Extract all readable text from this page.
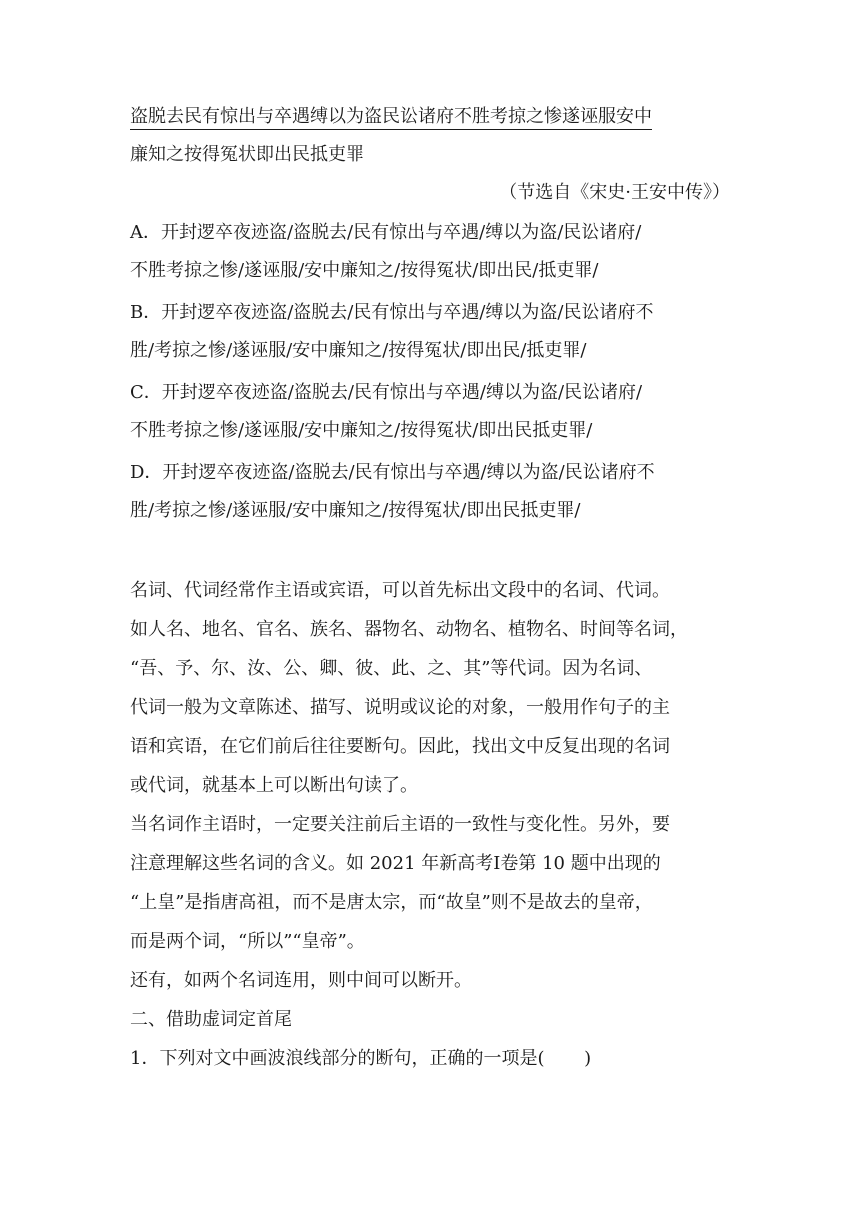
盗脱去民有惊出与卒遇缚以为盗民讼诸府不胜考掠之惨遂诬服安中
廉知之按得冤状即出民抵吏罪
（节选自《宋史·王安中传》）
A．开封逻卒夜迹盗/盗脱去/民有惊出与卒遇/缚以为盗/民讼诸府/
不胜考掠之惨/遂诬服/安中廉知之/按得冤状/即出民/抵吏罪/
B．开封逻卒夜迹盗/盗脱去/民有惊出与卒遇/缚以为盗/民讼诸府不
胜/考掠之惨/遂诬服/安中廉知之/按得冤状/即出民/抵吏罪/
C．开封逻卒夜迹盗/盗脱去/民有惊出与卒遇/缚以为盗/民讼诸府/
不胜考掠之惨/遂诬服/安中廉知之/按得冤状/即出民抵吏罪/
D．开封逻卒夜迹盗/盗脱去/民有惊出与卒遇/缚以为盗/民讼诸府不
胜/考掠之惨/遂诬服/安中廉知之/按得冤状/即出民抵吏罪/
名词、代词经常作主语或宾语，可以首先标出文段中的名词、代词。
如人名、地名、官名、族名、器物名、动物名、植物名、时间等名词，
“吾、予、尔、汝、公、卿、彼、此、之、其”等代词。因为名词、
代词一般为文章陈述、描写、说明或议论的对象，一般用作句子的主
语和宾语，在它们前后往往要断句。因此，找出文中反复出现的名词
或代词，就基本上可以断出句读了。
当名词作主语时，一定要关注前后主语的一致性与变化性。另外，要
注意理解这些名词的含义。如 2021 年新高考Ⅰ卷第 10 题中出现的
“上皇”是指唐高祖，而不是唐太宗，而“故皇”则不是故去的皇帝，
而是两个词，“所以”“皇帝”。
还有，如两个名词连用，则中间可以断开。
二、借助虚词定首尾
1．下列对文中画波浪线部分的断句，正确的一项是( )
